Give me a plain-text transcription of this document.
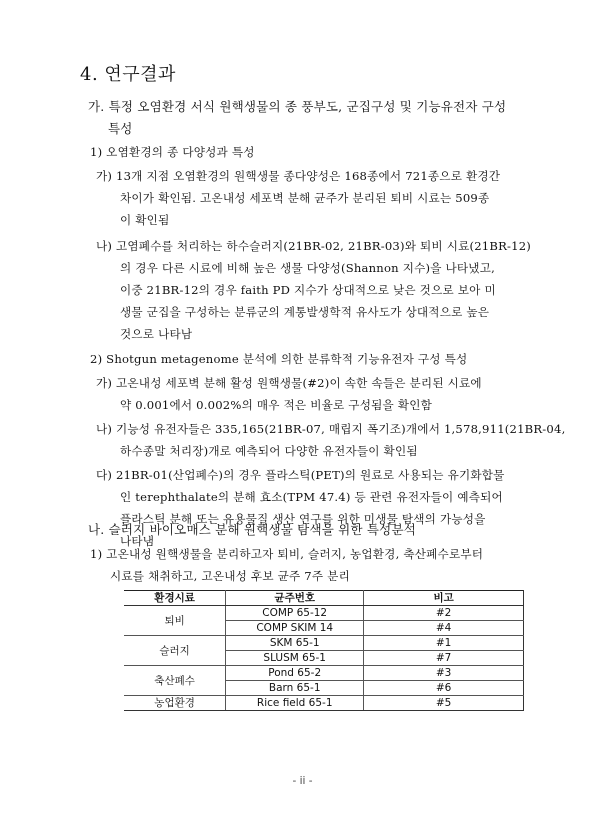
4. 연구결과
가. 특정 오염환경 서식 원핵생물의 종 풍부도, 군집구성 및 기능유전자 구성
특성
1) 오염환경의 종 다양성과 특성
가) 13개 지점 오염환경의 원핵생물 종다양성은 168종에서 721종으로 환경간
차이가 확인됨. 고온내성 세포벽 분해 균주가 분리된 퇴비 시료는 509종
이 확인됨
나) 고염폐수를 처리하는 하수슬러지(21BR-02, 21BR-03)와 퇴비 시료(21BR-12)
의 경우 다른 시료에 비해 높은 생물 다양성(Shannon 지수)을 나타냈고,
이중 21BR-12의 경우 faith PD 지수가 상대적으로 낮은 것으로 보아 미
생물 군집을 구성하는 분류군의 계통발생학적 유사도가 상대적으로 높은
것으로 나타남
2) Shotgun metagenome 분석에 의한 분류학적 기능유전자 구성 특성
가) 고온내성 세포벽 분해 활성 원핵생물(#2)이 속한 속들은 분리된 시료에
약 0.001에서 0.002%의 매우 적은 비율로 구성됨을 확인함
나) 기능성 유전자들은 335,165(21BR-07, 매립지 폭기조)개에서 1,578,911(21BR-04,
하수종말 처리장)개로 예측되어 다양한 유전자들이 확인됨
다) 21BR-01(산업폐수)의 경우 플라스틱(PET)의 원료로 사용되는 유기화합물
인 terephthalate의 분해 효소(TPM 47.4) 등 관련 유전자들이 예측되어
플라스틱 분해 또는 유용물질 생산 연구를 위한 미생물 탐색의 가능성을
나타냄
나. 슬러지 바이오매스 분해 원핵생물 탐색을 위한 특성분석
1) 고온내성 원핵생물을 분리하고자 퇴비, 슬러지, 농업환경, 축산폐수로부터
시료를 채취하고, 고온내성 후보 균주 7주 분리
환경시료	균주번호	비고
퇴비	COMP 65-12	#2
	COMP SKIM 14	#4
슬러지	SKM 65-1	#1
	SLUSM 65-1	#7
축산폐수	Pond 65-2	#3
	Barn 65-1	#6
농업환경	Rice field 65-1	#5
- ii -
